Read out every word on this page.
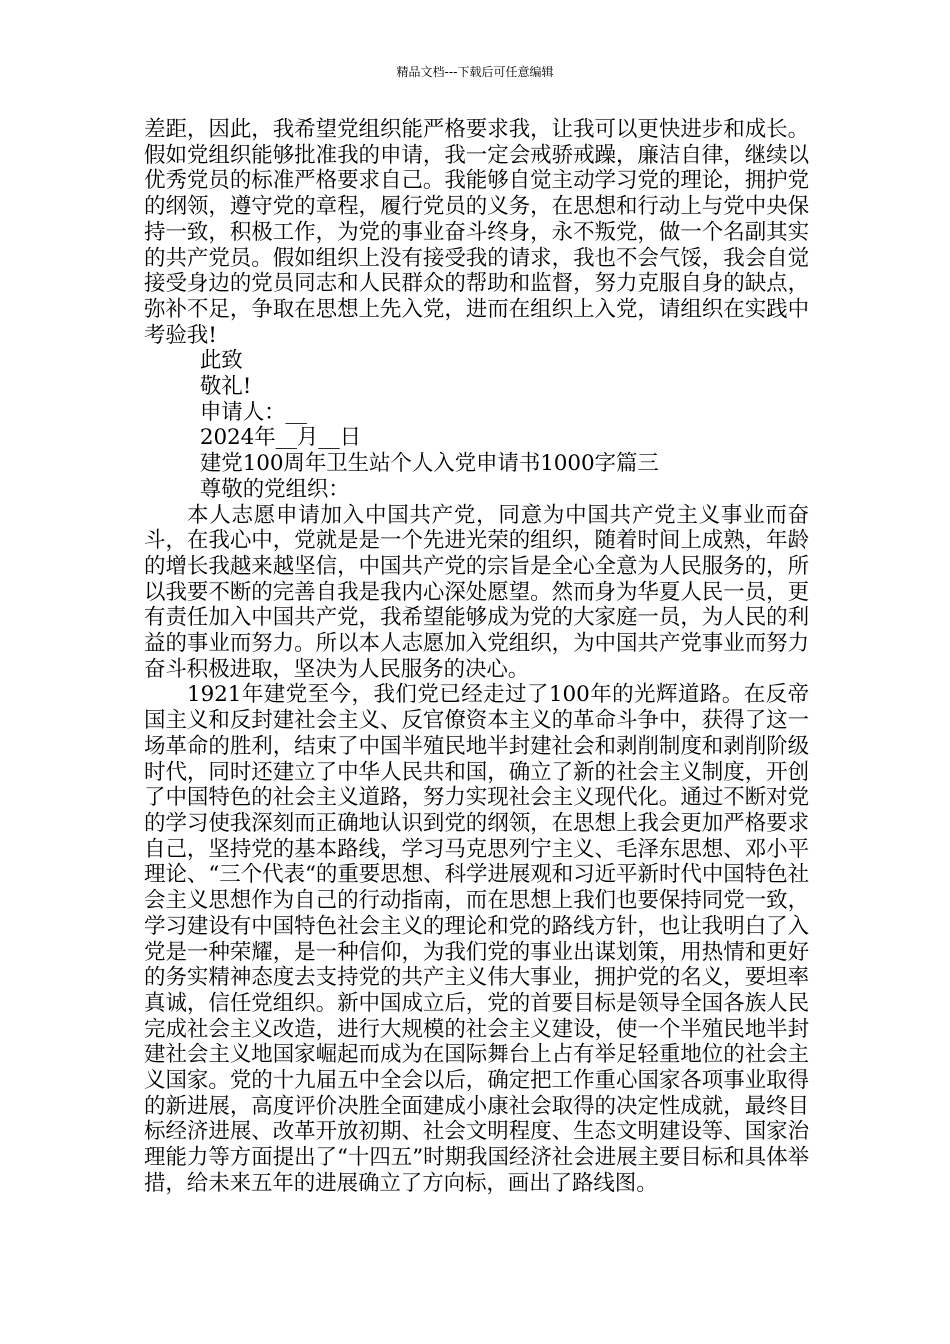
精品文档---下载后可任意编辑

差距，因此，我希望党组织能严格要求我，让我可以更快进步和成长。假如党组织能够批准我的申请，我一定会戒骄戒躁，廉洁自律，继续以优秀党员的标准严格要求自己。我能够自觉主动学习党的理论，拥护党的纲领，遵守党的章程，履行党员的义务，在思想和行动上与党中央保持一致，积极工作，为党的事业奋斗终身，永不叛党，做一个名副其实的共产党员。假如组织上没有接受我的请求，我也不会气馁，我会自觉接受身边的党员同志和人民群众的帮助和监督，努力克服自身的缺点，弥补不足，争取在思想上先入党，进而在组织上入党，请组织在实践中考验我!

此致

敬礼!

申请人：__

2024年__月__日

建党100周年卫生站个人入党申请书1000字篇三

尊敬的党组织：

本人志愿申请加入中国共产党，同意为中国共产党主义事业而奋斗，在我心中，党就是是一个先进光荣的组织，随着时间上成熟，年龄的增长我越来越坚信，中国共产党的宗旨是全心全意为人民服务的，所以我要不断的完善自我是我内心深处愿望。然而身为华夏人民一员，更有责任加入中国共产党，我希望能够成为党的大家庭一员，为人民的利益的事业而努力。所以本人志愿加入党组织，为中国共产党事业而努力奋斗积极进取，坚决为人民服务的决心。

1921年建党至今，我们党已经走过了100年的光辉道路。在反帝国主义和反封建社会主义、反官僚资本主义的革命斗争中，获得了这一场革命的胜利，结束了中国半殖民地半封建社会和剥削制度和剥削阶级时代，同时还建立了中华人民共和国，确立了新的社会主义制度，开创了中国特色的社会主义道路，努力实现社会主义现代化。通过不断对党的学习使我深刻而正确地认识到党的纲领，在思想上我会更加严格要求自己，坚持党的基本路线，学习马克思列宁主义、毛泽东思想、邓小平理论、“三个代表“的重要思想、科学进展观和习近平新时代中国特色社会主义思想作为自己的行动指南，而在思想上我们也要保持同党一致，学习建设有中国特色社会主义的理论和党的路线方针，也让我明白了入党是一种荣耀，是一种信仰，为我们党的事业出谋划策，用热情和更好的务实精神态度去支持党的共产主义伟大事业，拥护党的名义，要坦率真诚，信任党组织。新中国成立后，党的首要目标是领导全国各族人民完成社会主义改造，进行大规模的社会主义建设，使一个半殖民地半封建社会主义地国家崛起而成为在国际舞台上占有举足轻重地位的社会主义国家。党的十九届五中全会以后，确定把工作重心国家各项事业取得的新进展，高度评价决胜全面建成小康社会取得的决定性成就，最终目标经济进展、改革开放初期、社会文明程度、生态文明建设等、国家治理能力等方面提出了“十四五”时期我国经济社会进展主要目标和具体举措，给未来五年的进展确立了方向标，画出了路线图。
